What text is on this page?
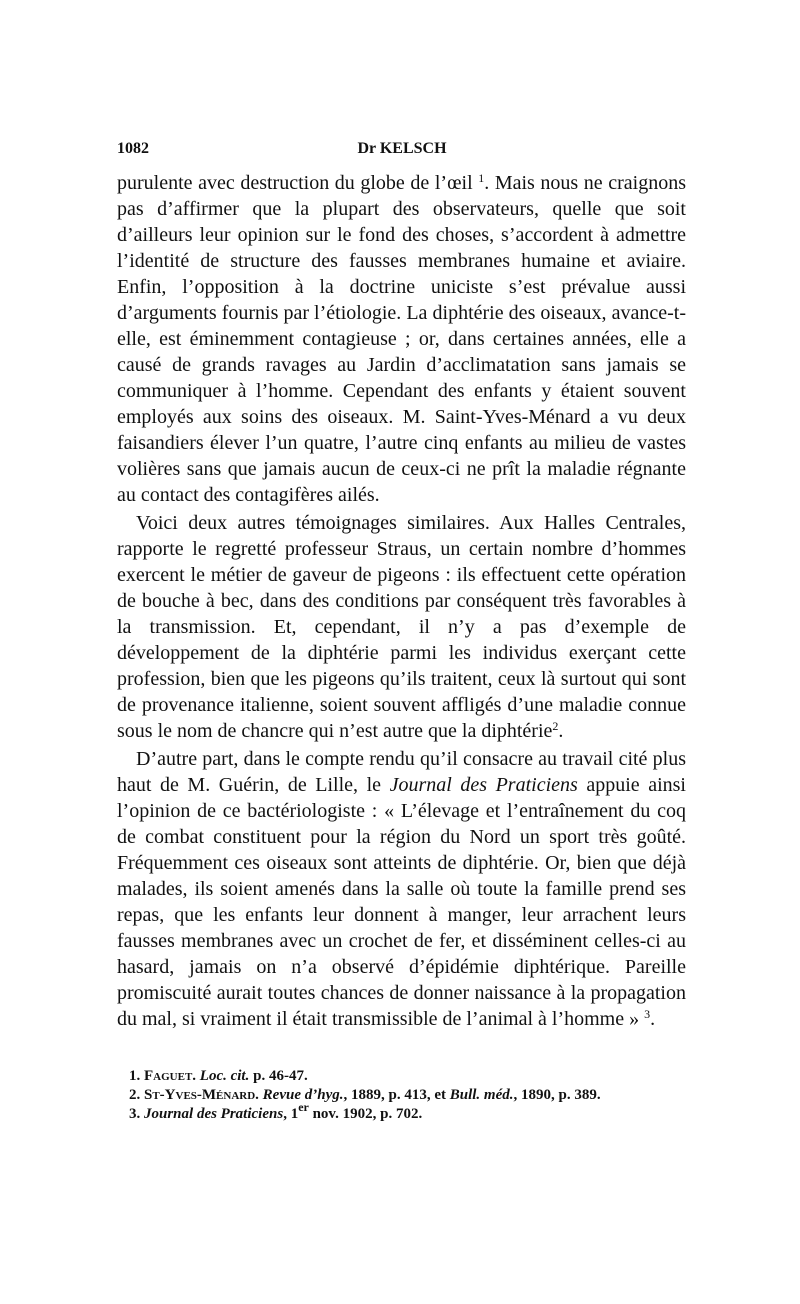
1082	Dr KELSCH

purulente avec destruction du globe de l’œil $^1$. Mais nous ne craignons pas d’affirmer que la plupart des observateurs, quelle que soit d’ailleurs leur opinion sur le fond des choses, s’accordent à admettre l’identité de structure des fausses membranes humaine et aviaire. Enfin, l’opposition à la doctrine uniciste s’est prévalue aussi d’arguments fournis par l’étiologie. La diphtérie des oiseaux, avance-t-elle, est éminemment contagieuse ; or, dans certaines années, elle a causé de grands ravages au Jardin d’acclimatation sans jamais se communiquer à l’homme. Cependant des enfants y étaient souvent employés aux soins des oiseaux. M. Saint-Yves-Ménard a vu deux faisandiers élever l’un quatre, l’autre cinq enfants au milieu de vastes volières sans que jamais aucun de ceux-ci ne prît la maladie régnante au contact des contagifères ailés.

Voici deux autres témoignages similaires. Aux Halles Centrales, rapporte le regretté professeur Straus, un certain nombre d’hommes exercent le métier de gaveur de pigeons : ils effectuent cette opération de bouche à bec, dans des conditions par conséquent très favorables à la transmission. Et, cependant, il n’y a pas d’exemple de développement de la diphtérie parmi les individus exerçant cette profession, bien que les pigeons qu’ils traitent, ceux là surtout qui sont de provenance italienne, soient souvent affligés d’une maladie connue sous le nom de chancre qui n’est autre que la diphtérie$^2$.

D’autre part, dans le compte rendu qu’il consacre au travail cité plus haut de M. Guérin, de Lille, le Journal des Praticiens appuie ainsi l’opinion de ce bactériologiste : « L’élevage et l’entraînement du coq de combat constituent pour la région du Nord un sport très goûté. Fréquemment ces oiseaux sont atteints de diphtérie. Or, bien que déjà malades, ils soient amenés dans la salle où toute la famille prend ses repas, que les enfants leur donnent à manger, leur arrachent leurs fausses membranes avec un crochet de fer, et disséminent celles-ci au hasard, jamais on n’a observé d’épidémie diphtérique. Pareille promiscuité aurait toutes chances de donner naissance à la propagation du mal, si vraiment il était transmissible de l’animal à l’homme » $^3$.

1. Faguet. Loc. cit. p. 46-47.

2. St-Yves-Ménard. Revue d’hyg., 1889, p. 413, et Bull. méd., 1890, p. 389.

3. Journal des Praticiens, 1er nov. 1902, p. 702.
